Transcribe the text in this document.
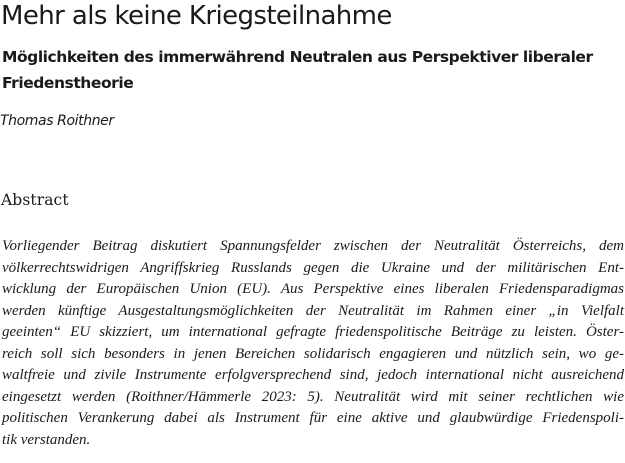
Mehr als keine Kriegsteilnahme
Möglichkeiten des immerwährend Neutralen aus Perspektiver liberaler Friedenstheorie

Thomas Roithner

Abstract
Vorliegender Beitrag diskutiert Spannungsfelder zwischen der Neutralität Österreichs, dem
völkerrechtswidrigen Angriffskrieg Russlands gegen die Ukraine und der militärischen Ent-
wicklung der Europäischen Union (EU). Aus Perspektive eines liberalen Friedensparadigmas
werden künftige Ausgestaltungsmöglichkeiten der Neutralität im Rahmen einer „in Vielfalt
geeinten“ EU skizziert, um international gefragte friedenspolitische Beiträge zu leisten. Öster-
reich soll sich besonders in jenen Bereichen solidarisch engagieren und nützlich sein, wo ge-
waltfreie und zivile Instrumente erfolgversprechend sind, jedoch international nicht ausreichend
eingesetzt werden (Roithner/Hämmerle 2023: 5). Neutralität wird mit seiner rechtlichen wie
politischen Verankerung dabei als Instrument für eine aktive und glaubwürdige Friedenspoli-
tik verstanden.
